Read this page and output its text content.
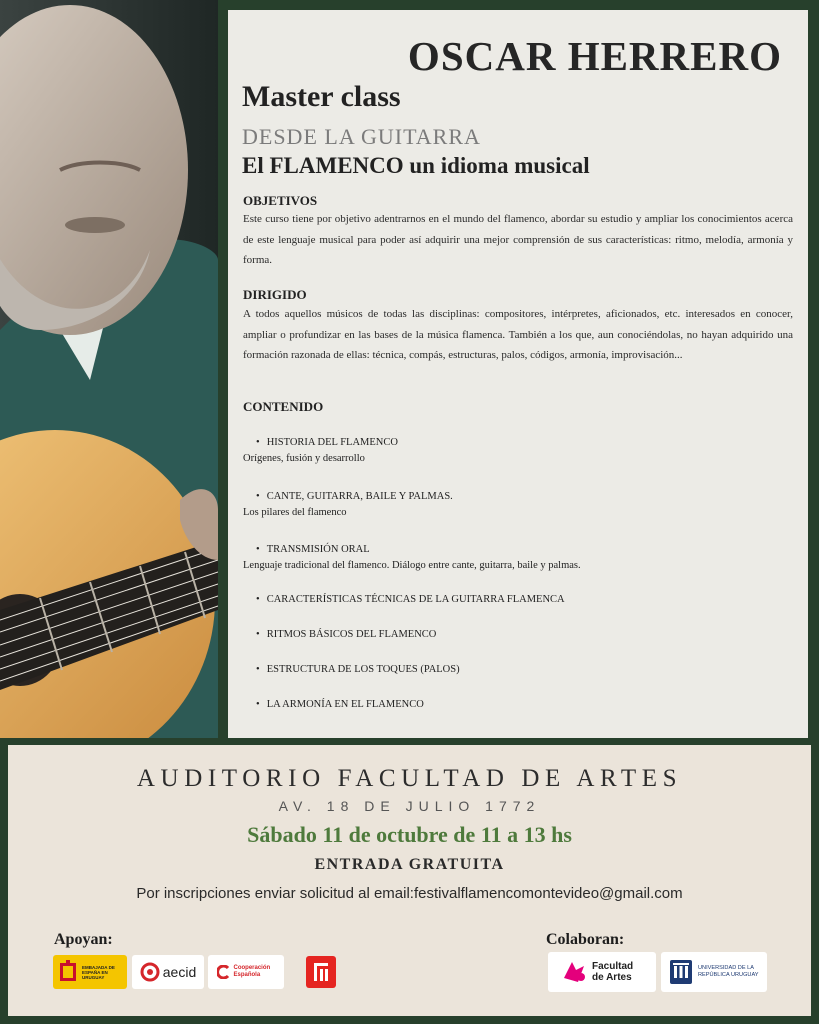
OSCAR HERRERO
Master class
DESDE LA GUITARRA
El FLAMENCO un idioma musical
OBJETIVOS
Este curso tiene por objetivo adentrarnos en el mundo del flamenco, abordar su estudio y ampliar los conocimientos acerca de este lenguaje musical para poder así adquirir una mejor comprensión de sus características: ritmo, melodía, armonía y forma.
DIRIGIDO
A todos aquellos músicos de todas las disciplinas: compositores, intérpretes, aficionados, etc. interesados en conocer, ampliar o profundizar en las bases de la música flamenca. También a los que, aun conociéndolas, no hayan adquirido una formación razonada de ellas: técnica, compás, estructuras, palos, códigos, armonía, improvisación...
CONTENIDO
• HISTORIA DEL FLAMENCO
Orígenes, fusión y desarrollo
• CANTE, GUITARRA, BAILE Y PALMAS.
Los pilares del flamenco
• TRANSMISIÓN ORAL
Lenguaje tradicional del flamenco. Diálogo entre cante, guitarra, baile y palmas.
• CARACTERÍSTICAS TÉCNICAS DE LA GUITARRA FLAMENCA
• RITMOS BÁSICOS DEL FLAMENCO
• ESTRUCTURA DE LOS TOQUES (PALOS)
• LA ARMONÍA EN EL FLAMENCO
AUDITORIO FACULTAD DE ARTES
AV. 18 DE JULIO 1772
Sábado 11 de octubre de 11 a 13 hs
ENTRADA GRATUITA
Por inscripciones enviar solicitud al email:festivalflamencomontevideo@gmail.com
Apoyan:	Colaboran:
EMBAJADA DE ESPAÑA EN URUGUAY	aecid	Cooperación Española
Facultad de Artes
UNIVERSIDAD DE LA REPÚBLICA URUGUAY
